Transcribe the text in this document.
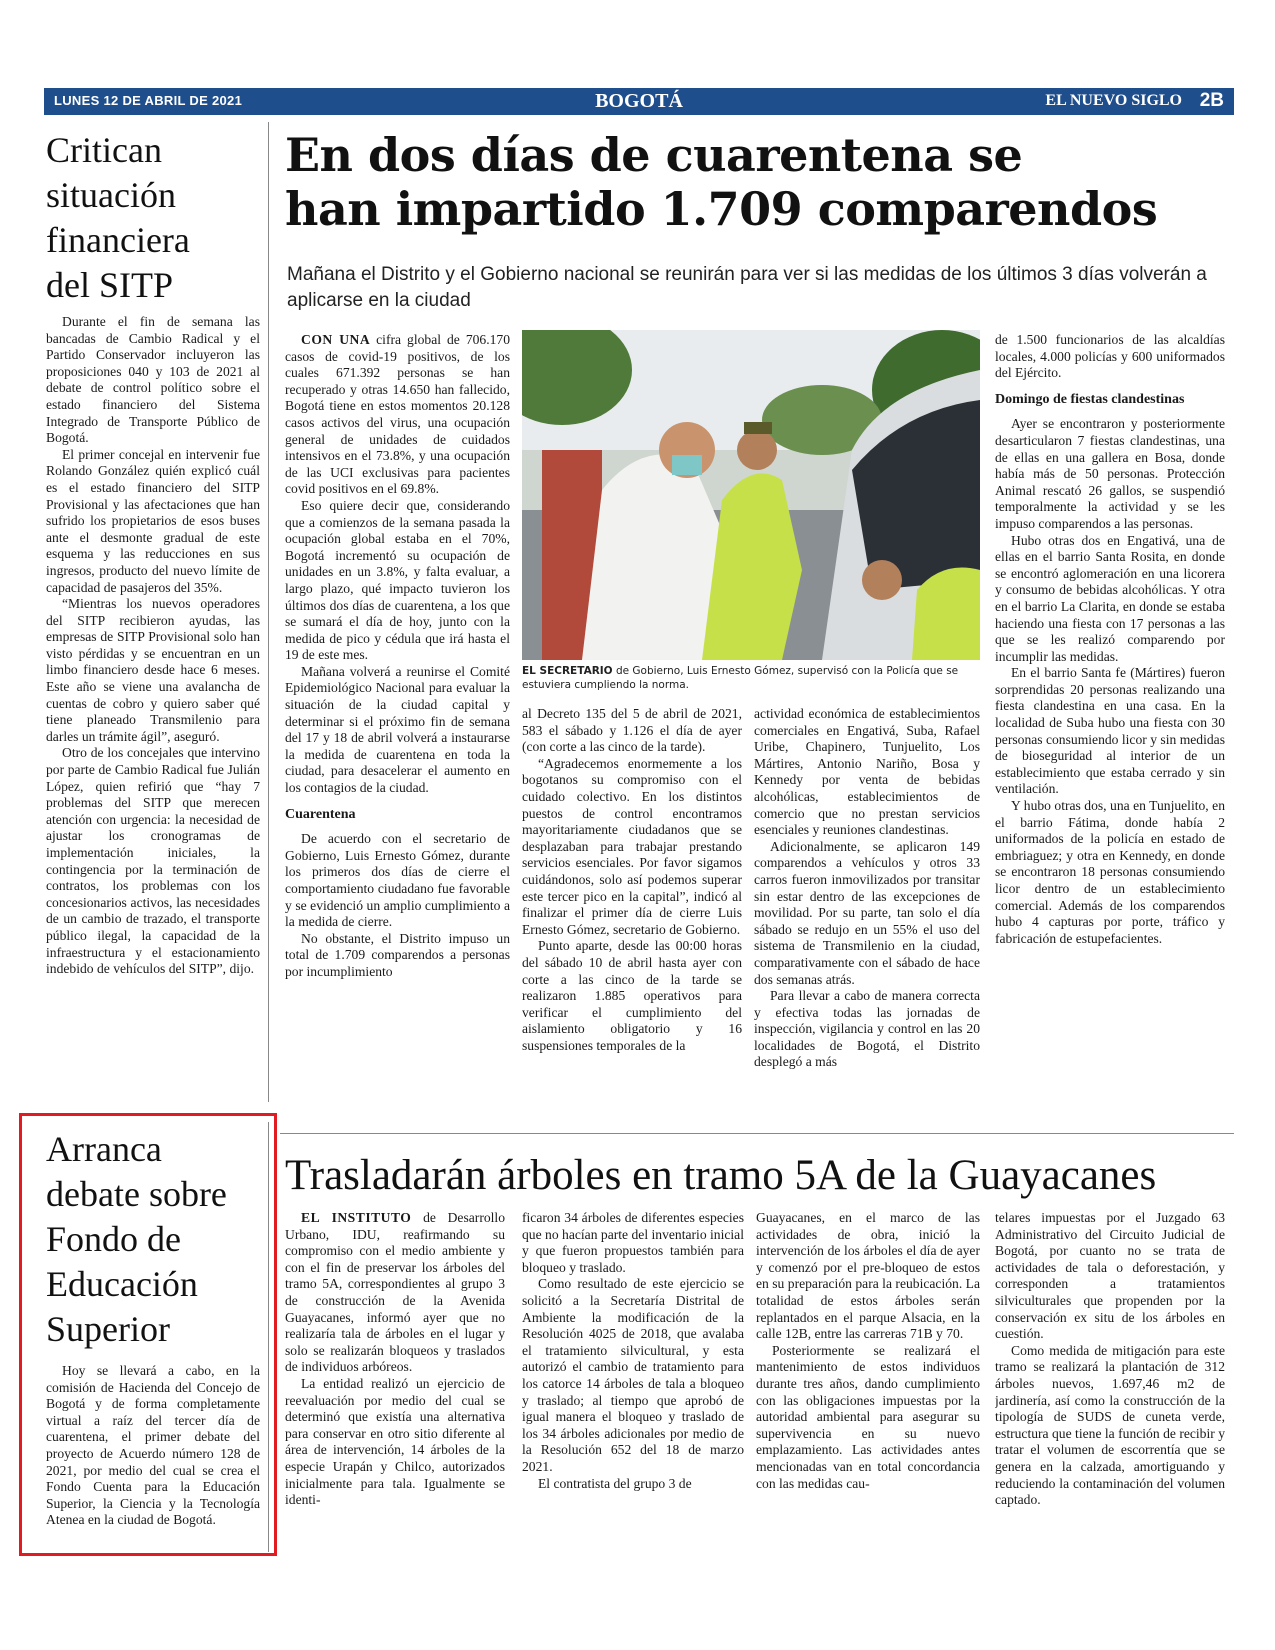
LUNES 12 DE ABRIL DE 2021	BOGOTÁ	EL NUEVO SIGLO 2B
Critican
situación
financiera
del SITP

Durante el fin de semana las bancadas de Cambio Radical y el Partido Conservador incluyeron las proposiciones 040 y 103 de 2021 al debate de control político sobre el estado financiero del Sistema Integrado de Transporte Público de Bogotá.

El primer concejal en intervenir fue Rolando González quién explicó cuál es el estado financiero del SITP Provisional y las afectaciones que han sufrido los propietarios de esos buses ante el desmonte gradual de este esquema y las reducciones en sus ingresos, producto del nuevo límite de capacidad de pasajeros del 35%.

“Mientras los nuevos operadores del SITP recibieron ayudas, las empresas de SITP Provisional solo han visto pérdidas y se encuentran en un limbo financiero desde hace 6 meses. Este año se viene una avalancha de cuentas de cobro y quiero saber qué tiene planeado Transmilenio para darles un trámite ágil”, aseguró.

Otro de los concejales que intervino por parte de Cambio Radical fue Julián López, quien refirió que “hay 7 problemas del SITP que merecen atención con urgencia: la necesidad de ajustar los cronogramas de implementación iniciales, la contingencia por la terminación de contratos, los problemas con los concesionarios activos, las necesidades de un cambio de trazado, el transporte público ilegal, la capacidad de la infraestructura y el estacionamiento indebido de vehículos del SITP”, dijo.

Arranca
debate sobre
Fondo de
Educación
Superior

Hoy se llevará a cabo, en la comisión de Hacienda del Concejo de Bogotá y de forma completamente virtual a raíz del tercer día de cuarentena, el primer debate del proyecto de Acuerdo número 128 de 2021, por medio del cual se crea el Fondo Cuenta para la Educación Superior, la Ciencia y la Tecnología Atenea en la ciudad de Bogotá.

En dos días de cuarentena se
han impartido 1.709 comparendos
Mañana el Distrito y el Gobierno nacional se reunirán para ver si las medidas de los últimos 3 días volverán a aplicarse en la ciudad

CON UNA cifra global de 706.170 casos de covid-19 positivos, de los cuales 671.392 personas se han recuperado y otras 14.650 han fallecido, Bogotá tiene en estos momentos 20.128 casos activos del virus, una ocupación general de unidades de cuidados intensivos en el 73.8%, y una ocupación de las UCI exclusivas para pacientes covid positivos en el 69.8%.

Eso quiere decir que, considerando que a comienzos de la semana pasada la ocupación global estaba en el 70%, Bogotá incrementó su ocupación de unidades en un 3.8%, y falta evaluar, a largo plazo, qué impacto tuvieron los últimos dos días de cuarentena, a los que se sumará el día de hoy, junto con la medida de pico y cédula que irá hasta el 19 de este mes.

Mañana volverá a reunirse el Comité Epidemiológico Nacional para evaluar la situación de la ciudad capital y determinar si el próximo fin de semana del 17 y 18 de abril volverá a instaurarse la medida de cuarentena en toda la ciudad, para desacelerar el aumento en los contagios de la ciudad.

Cuarentena

De acuerdo con el secretario de Gobierno, Luis Ernesto Gómez, durante los primeros dos días de cierre el comportamiento ciudadano fue favorable y se evidenció un amplio cumplimiento a la medida de cierre.

No obstante, el Distrito impuso un total de 1.709 comparendos a personas por incumplimiento

EL SECRETARIO de Gobierno, Luis Ernesto Gómez, supervisó con la Policía que se estuviera cumpliendo la norma.

al Decreto 135 del 5 de abril de 2021, 583 el sábado y 1.126 el día de ayer (con corte a las cinco de la tarde).

“Agradecemos enormemente a los bogotanos su compromiso con el cuidado colectivo. En los distintos puestos de control encontramos mayoritariamente ciudadanos que se desplazaban para trabajar prestando servicios esenciales. Por favor sigamos cuidándonos, solo así podemos superar este tercer pico en la capital”, indicó al finalizar el primer día de cierre Luis Ernesto Gómez, secretario de Gobierno.

Punto aparte, desde las 00:00 horas del sábado 10 de abril hasta ayer con corte a las cinco de la tarde se realizaron 1.885 operativos para verificar el cumplimiento del aislamiento obligatorio y 16 suspensiones temporales de la

actividad económica de establecimientos comerciales en Engativá, Suba, Rafael Uribe, Chapinero, Tunjuelito, Los Mártires, Antonio Nariño, Bosa y Kennedy por venta de bebidas alcohólicas, establecimientos de comercio que no prestan servicios esenciales y reuniones clandestinas.

Adicionalmente, se aplicaron 149 comparendos a vehículos y otros 33 carros fueron inmovilizados por transitar sin estar dentro de las excepciones de movilidad. Por su parte, tan solo el día sábado se redujo en un 55% el uso del sistema de Transmilenio en la ciudad, comparativamente con el sábado de hace dos semanas atrás.

Para llevar a cabo de manera correcta y efectiva todas las jornadas de inspección, vigilancia y control en las 20 localidades de Bogotá, el Distrito desplegó a más

de 1.500 funcionarios de las alcaldías locales, 4.000 policías y 600 uniformados del Ejército.

Domingo de fiestas clandestinas

Ayer se encontraron y posteriormente desarticularon 7 fiestas clandestinas, una de ellas en una gallera en Bosa, donde había más de 50 personas. Protección Animal rescató 26 gallos, se suspendió temporalmente la actividad y se les impuso comparendos a las personas.

Hubo otras dos en Engativá, una de ellas en el barrio Santa Rosita, en donde se encontró aglomeración en una licorera y consumo de bebidas alcohólicas. Y otra en el barrio La Clarita, en donde se estaba haciendo una fiesta con 17 personas a las que se les realizó comparendo por incumplir las medidas.

En el barrio Santa fe (Mártires) fueron sorprendidas 20 personas realizando una fiesta clandestina en una casa. En la localidad de Suba hubo una fiesta con 30 personas consumiendo licor y sin medidas de bioseguridad al interior de un establecimiento que estaba cerrado y sin ventilación.

Y hubo otras dos, una en Tunjuelito, en el barrio Fátima, donde había 2 uniformados de la policía en estado de embriaguez; y otra en Kennedy, en donde se encontraron 18 personas consumiendo licor dentro de un establecimiento comercial. Además de los comparendos hubo 4 capturas por porte, tráfico y fabricación de estupefacientes.

Trasladarán árboles en tramo 5A de la Guayacanes

EL INSTITUTO de Desarrollo Urbano, IDU, reafirmando su compromiso con el medio ambiente y con el fin de preservar los árboles del tramo 5A, correspondientes al grupo 3 de construcción de la Avenida Guayacanes, informó ayer que no realizaría tala de árboles en el lugar y solo se realizarán bloqueos y traslados de individuos arbóreos.

La entidad realizó un ejercicio de reevaluación por medio del cual se determinó que existía una alternativa para conservar en otro sitio diferente al área de intervención, 14 árboles de la especie Urapán y Chilco, autorizados inicialmente para tala. Igualmente se identi-

ficaron 34 árboles de diferentes especies que no hacían parte del inventario inicial y que fueron propuestos también para bloqueo y traslado.

Como resultado de este ejercicio se solicitó a la Secretaría Distrital de Ambiente la modificación de la Resolución 4025 de 2018, que avalaba el tratamiento silvicultural, y esta autorizó el cambio de tratamiento para los catorce 14 árboles de tala a bloqueo y traslado; al tiempo que aprobó de igual manera el bloqueo y traslado de los 34 árboles adicionales por medio de la Resolución 652 del 18 de marzo 2021.

El contratista del grupo 3 de

Guayacanes, en el marco de las actividades de obra, inició la intervención de los árboles el día de ayer y comenzó por el pre-bloqueo de estos en su preparación para la reubicación. La totalidad de estos árboles serán replantados en el parque Alsacia, en la calle 12B, entre las carreras 71B y 70.

Posteriormente se realizará el mantenimiento de estos individuos durante tres años, dando cumplimiento con las obligaciones impuestas por la autoridad ambiental para asegurar su supervivencia en su nuevo emplazamiento. Las actividades antes mencionadas van en total concordancia con las medidas cau-

telares impuestas por el Juzgado 63 Administrativo del Circuito Judicial de Bogotá, por cuanto no se trata de actividades de tala o deforestación, y corresponden a tratamientos silviculturales que propenden por la conservación ex situ de los árboles en cuestión.

Como medida de mitigación para este tramo se realizará la plantación de 312 árboles nuevos, 1.697,46 m2 de jardinería, así como la construcción de la tipología de SUDS de cuneta verde, estructura que tiene la función de recibir y tratar el volumen de escorrentía que se genera en la calzada, amortiguando y reduciendo la contaminación del volumen captado.
